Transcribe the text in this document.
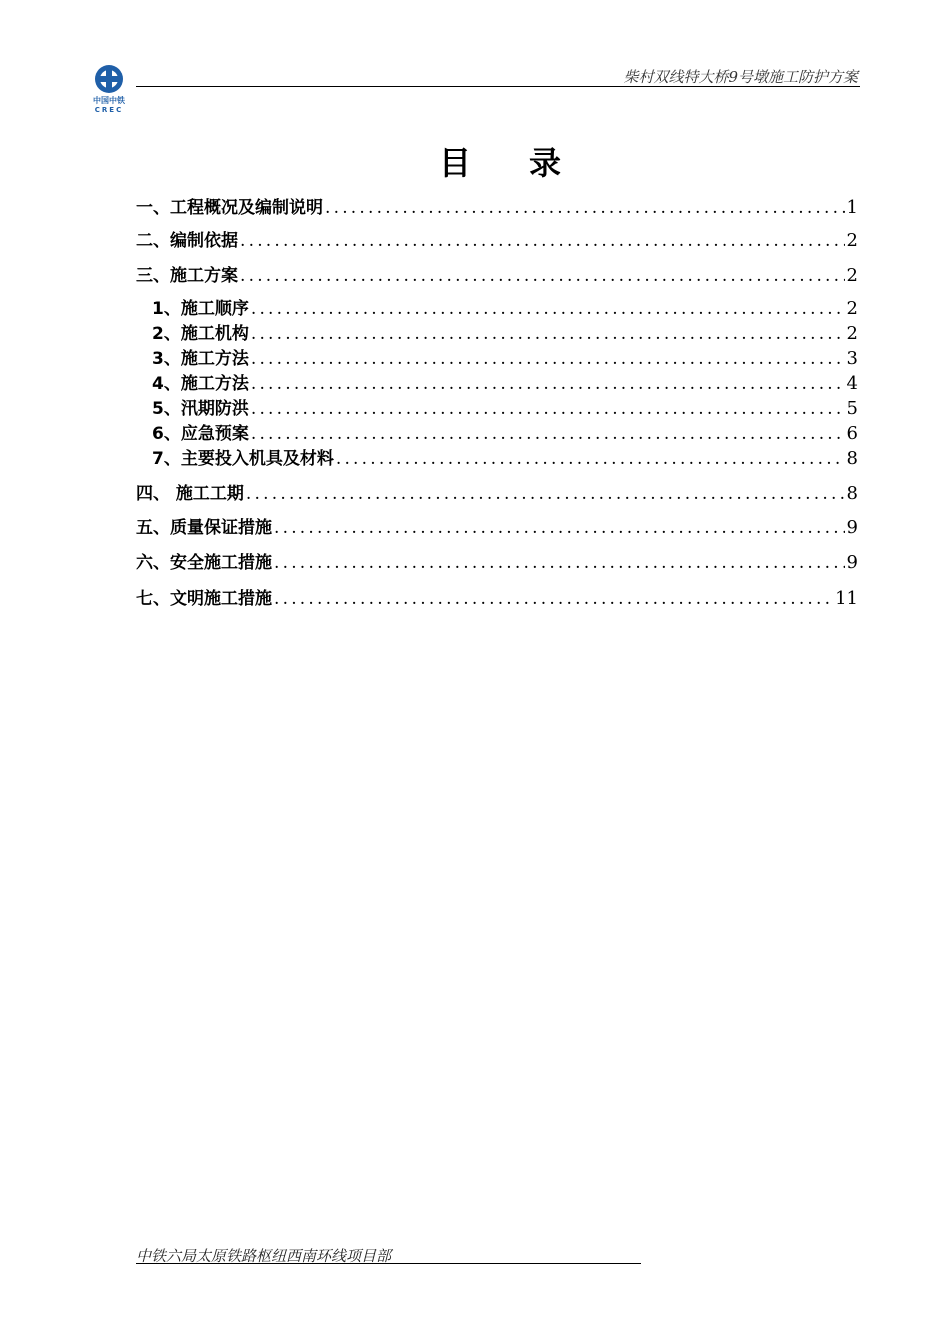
中国中铁
CREC
柴村双线特大桥9号墩施工防护方案
目录
一、工程概况及编制说明 .....	1
二、编制依据 .....	2
三、施工方案 .....	2
1、施工顺序 .....	2
2、施工机构 .....	2
3、施工方法 .....	3
4、施工方法 .....	4
5、汛期防洪 .....	5
6、应急预案 .....	6
7、主要投入机具及材料 .....	8
四、 施工工期 .....	8
五、质量保证措施 .....	9
六、安全施工措施 .....	9
七、文明施工措施 .....	11
中铁六局太原铁路枢纽西南环线项目部
